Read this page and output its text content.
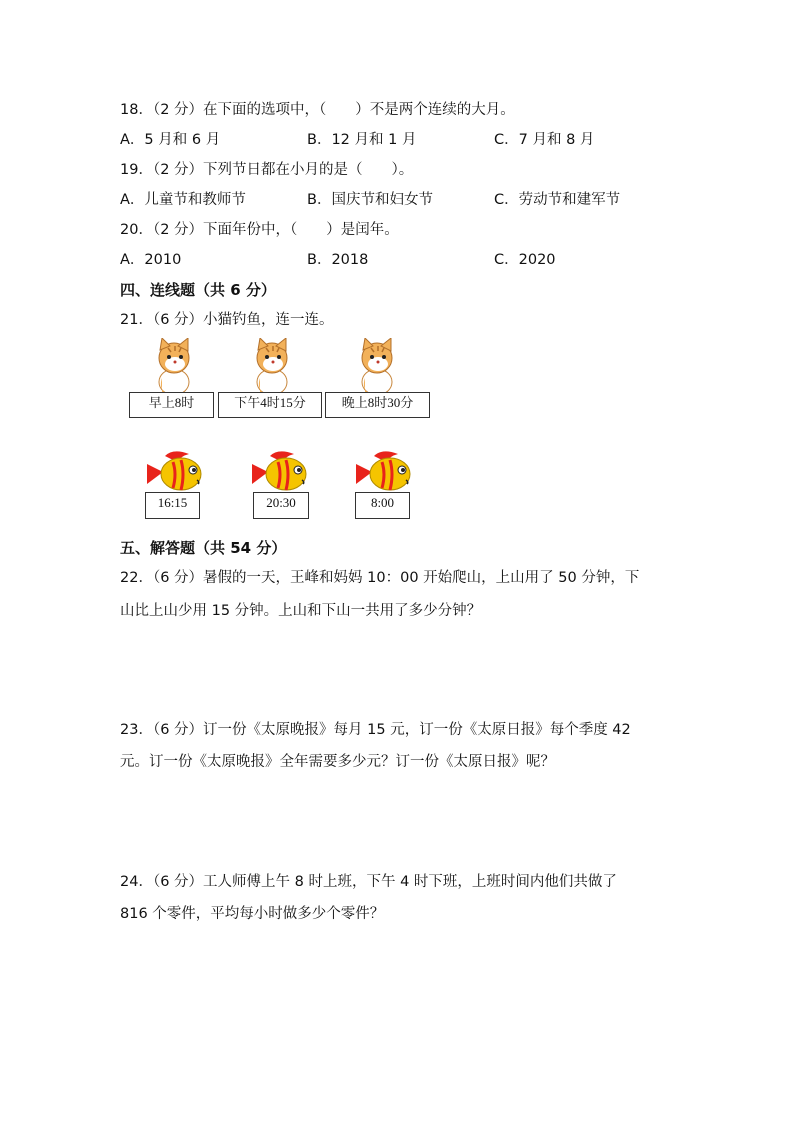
18．（2 分）在下面的选项中，（　　）不是两个连续的大月。
A．5 月和 6 月	B．12 月和 1 月	C．7 月和 8 月
19．（2 分）下列节日都在小月的是（　　）。
A．儿童节和教师节	B．国庆节和妇女节	C．劳动节和建军节
20．（2 分）下面年份中，（　　）是闰年。
A．2010	B．2018	C．2020
四、连线题（共 6 分）
21．（6 分）小猫钓鱼，连一连。
早上8时	下午4时15分	晚上8时30分
16:15	20:30	8:00
五、解答题（共 54 分）
22．（6 分）暑假的一天，王峰和妈妈 10：00 开始爬山，上山用了 50 分钟，下
山比上山少用 15 分钟。上山和下山一共用了多少分钟？
23．（6 分）订一份《太原晚报》每月 15 元，订一份《太原日报》每个季度 42
元。订一份《太原晚报》全年需要多少元？订一份《太原日报》呢？
24．（6 分）工人师傅上午 8 时上班，下午 4 时下班，上班时间内他们共做了
816 个零件，平均每小时做多少个零件？
